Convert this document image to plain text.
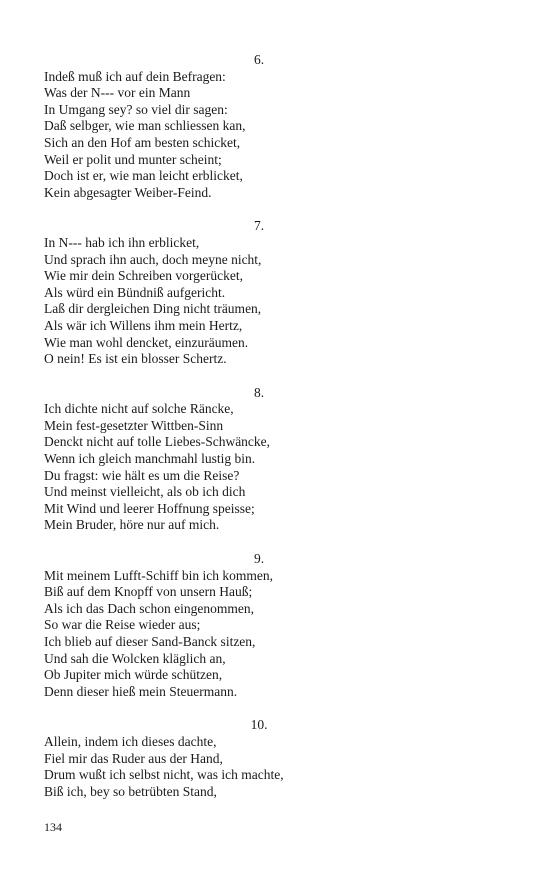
6.
Indeß muß ich auf dein Befragen:
Was der N--- vor ein Mann
In Umgang sey? so viel dir sagen:
Daß selbger, wie man schliessen kan,
Sich an den Hof am besten schicket,
Weil er polit und munter scheint;
Doch ist er, wie man leicht erblicket,
Kein abgesagter Weiber-Feind.
7.
In N--- hab ich ihn erblicket,
Und sprach ihn auch, doch meyne nicht,
Wie mir dein Schreiben vorgerücket,
Als würd ein Bündniß aufgericht.
Laß dir dergleichen Ding nicht träumen,
Als wär ich Willens ihm mein Hertz,
Wie man wohl dencket, einzuräumen.
O nein! Es ist ein blosser Schertz.
8.
Ich dichte nicht auf solche Räncke,
Mein fest-gesetzter Wittben-Sinn
Denckt nicht auf tolle Liebes-Schwäncke,
Wenn ich gleich manchmahl lustig bin.
Du fragst: wie hält es um die Reise?
Und meinst vielleicht, als ob ich dich
Mit Wind und leerer Hoffnung speisse;
Mein Bruder, höre nur auf mich.
9.
Mit meinem Lufft-Schiff bin ich kommen,
Biß auf dem Knopff von unsern Hauß;
Als ich das Dach schon eingenommen,
So war die Reise wieder aus;
Ich blieb auf dieser Sand-Banck sitzen,
Und sah die Wolcken kläglich an,
Ob Jupiter mich würde schützen,
Denn dieser hieß mein Steuermann.
10.
Allein, indem ich dieses dachte,
Fiel mir das Ruder aus der Hand,
Drum wußt ich selbst nicht, was ich machte,
Biß ich, bey so betrübten Stand,
134
